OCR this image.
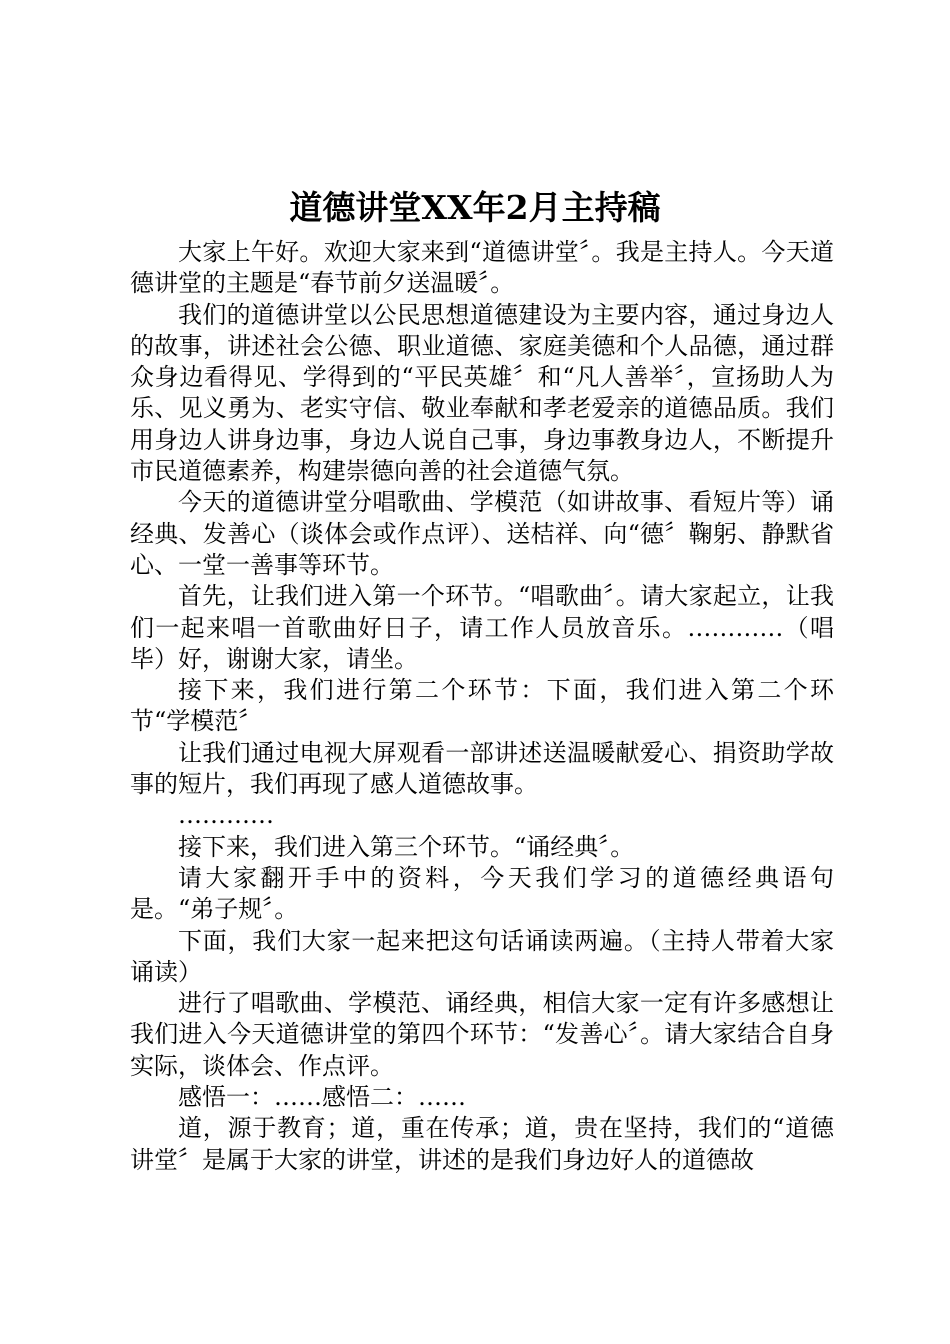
道德讲堂XX年2月主持稿

大家上午好。欢迎大家来到“道德讲堂〞。我是主持人。今天道德讲堂的主题是“春节前夕送温暖〞。

我们的道德讲堂以公民思想道德建设为主要内容，通过身边人的故事，讲述社会公德、职业道德、家庭美德和个人品德，通过群众身边看得见、学得到的“平民英雄〞和“凡人善举〞，宣扬助人为乐、见义勇为、老实守信、敬业奉献和孝老爱亲的道德品质。我们用身边人讲身边事，身边人说自己事，身边事教身边人，不断提升市民道德素养，构建崇德向善的社会道德气氛。

今天的道德讲堂分唱歌曲、学模范（如讲故事、看短片等）诵经典、发善心（谈体会或作点评）、送桔祥、向“德〞鞠躬、静默省心、一堂一善事等环节。

首先，让我们进入第一个环节。“唱歌曲〞。请大家起立，让我们一起来唱一首歌曲好日子，请工作人员放音乐。…………（唱毕）好，谢谢大家，请坐。

接下来，我们进行第二个环节：下面，我们进入第二个环节“学模范〞

让我们通过电视大屏观看一部讲述送温暖献爱心、捐资助学故事的短片，我们再现了感人道德故事。

…………

接下来，我们进入第三个环节。“诵经典〞。

请大家翻开手中的资料，今天我们学习的道德经典语句是。“弟子规〞。

下面，我们大家一起来把这句话诵读两遍。（主持人带着大家诵读）

进行了唱歌曲、学模范、诵经典，相信大家一定有许多感想让我们进入今天道德讲堂的第四个环节：“发善心〞。请大家结合自身实际，谈体会、作点评。

感悟一：……感悟二：……

道，源于教育；道，重在传承；道，贵在坚持，我们的“道德讲堂〞是属于大家的讲堂，讲述的是我们身边好人的道德故
